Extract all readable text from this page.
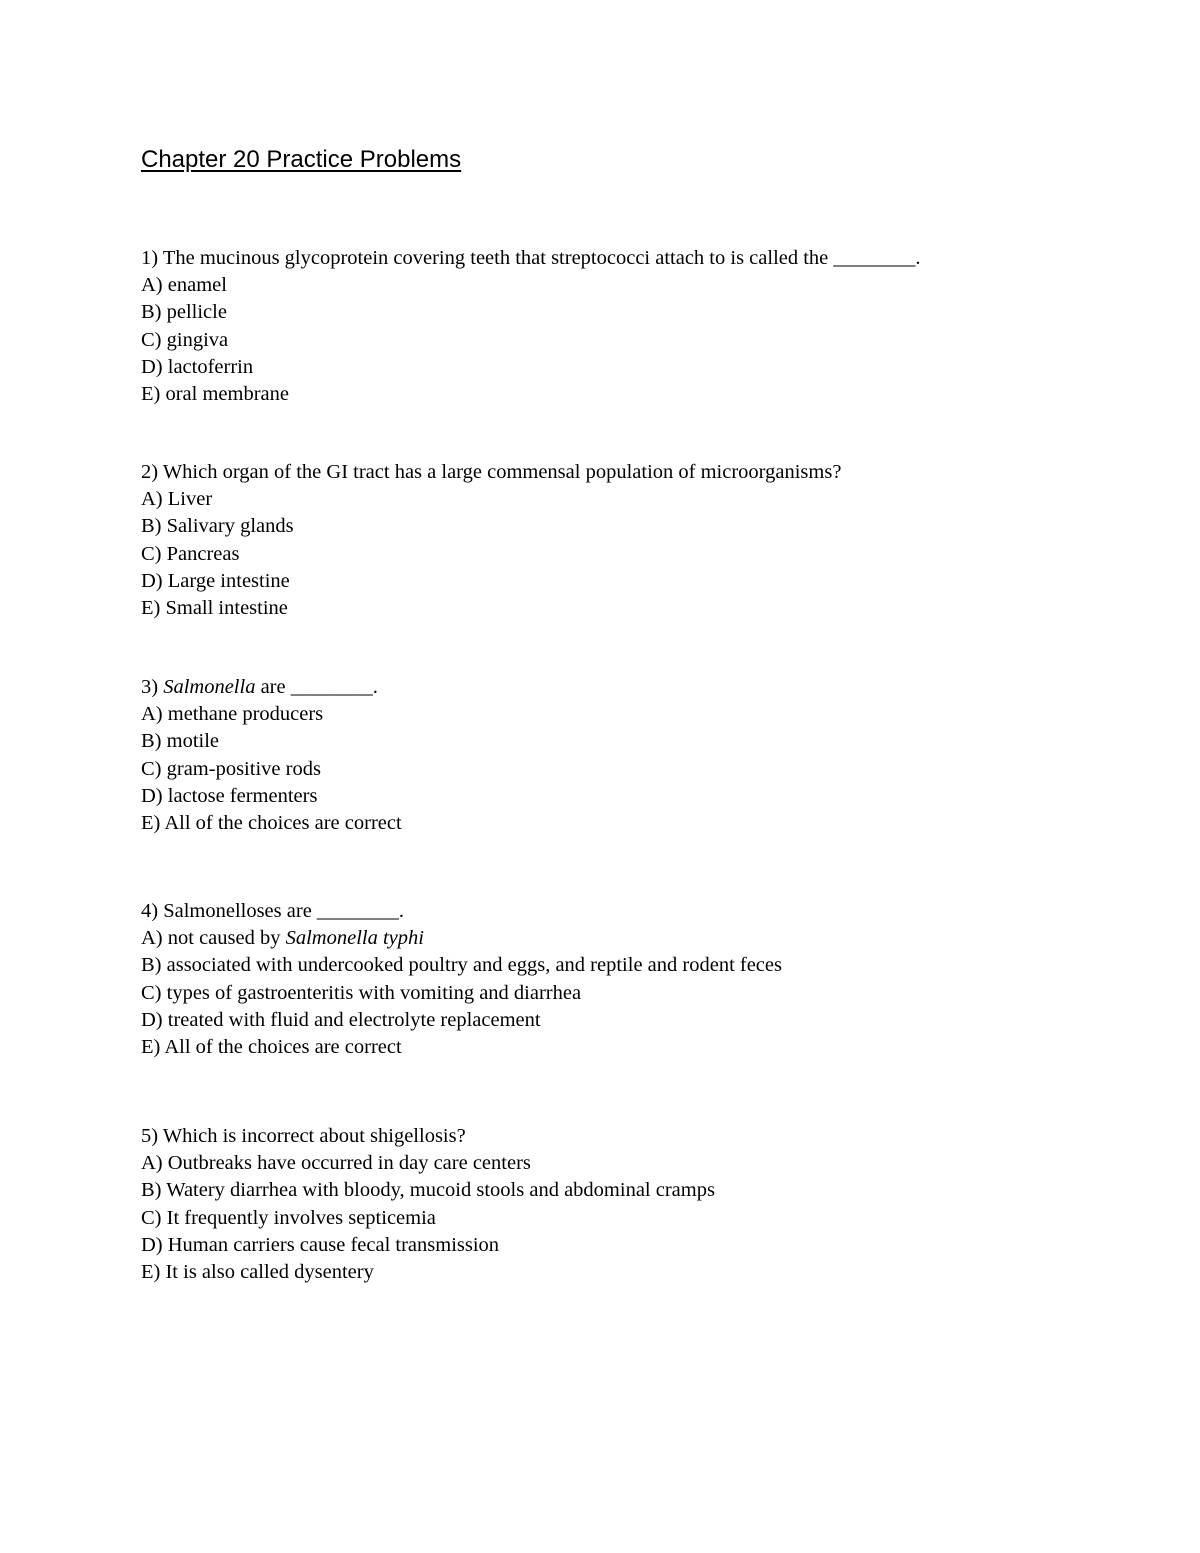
Chapter 20 Practice Problems
1) The mucinous glycoprotein covering teeth that streptococci attach to is called the ________.
A) enamel
B) pellicle
C) gingiva
D) lactoferrin
E) oral membrane
2) Which organ of the GI tract has a large commensal population of microorganisms?
A) Liver
B) Salivary glands
C) Pancreas
D) Large intestine
E) Small intestine
3) Salmonella are ________.
A) methane producers
B) motile
C) gram-positive rods
D) lactose fermenters
E) All of the choices are correct
4) Salmonelloses are ________.
A) not caused by Salmonella typhi
B) associated with undercooked poultry and eggs, and reptile and rodent feces
C) types of gastroenteritis with vomiting and diarrhea
D) treated with fluid and electrolyte replacement
E) All of the choices are correct
5) Which is incorrect about shigellosis?
A) Outbreaks have occurred in day care centers
B) Watery diarrhea with bloody, mucoid stools and abdominal cramps
C) It frequently involves septicemia
D) Human carriers cause fecal transmission
E) It is also called dysentery
